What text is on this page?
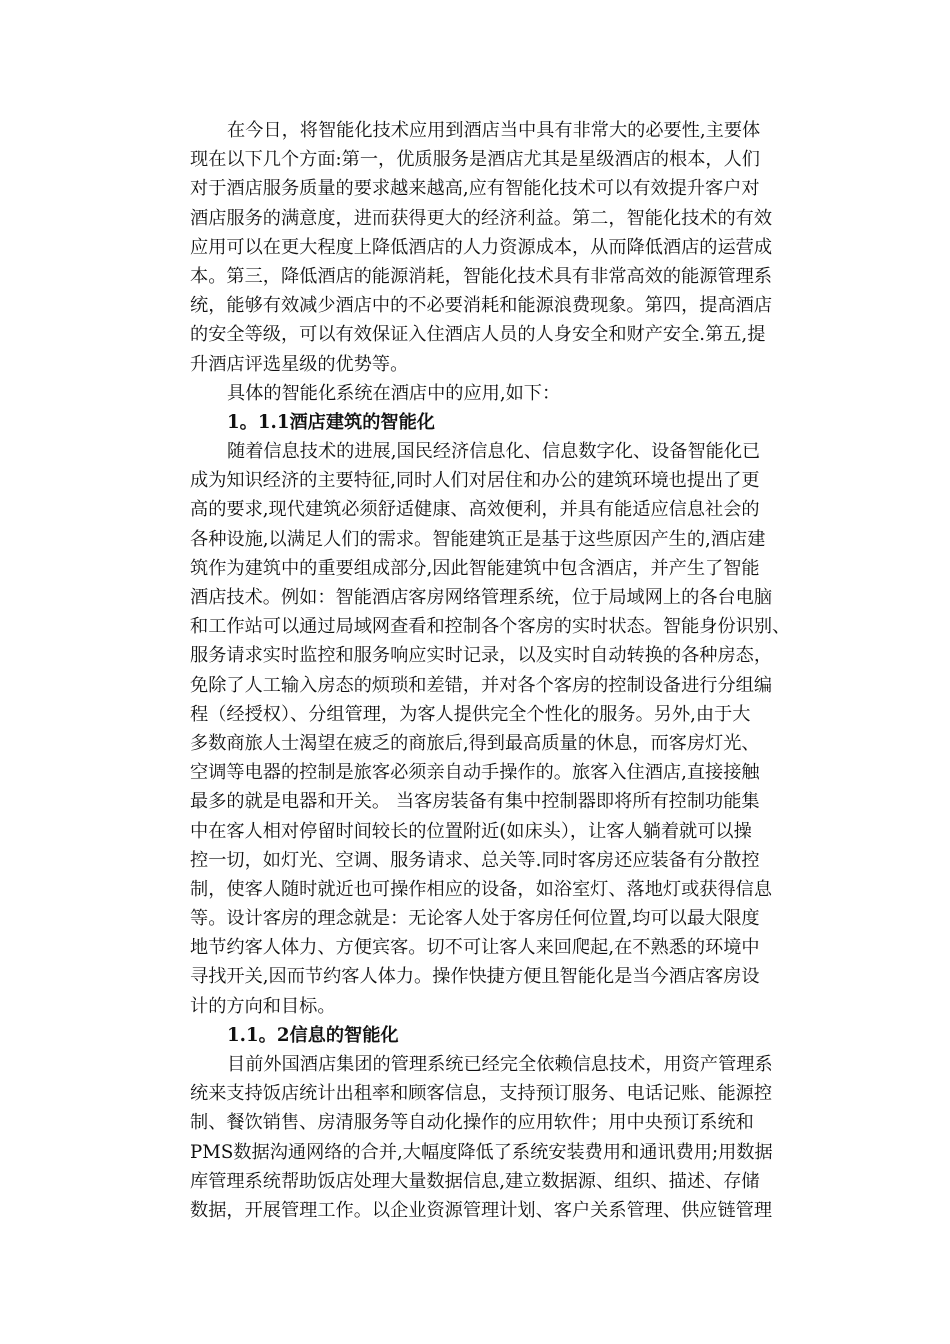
在今日，将智能化技术应用到酒店当中具有非常大的必要性,主要体
现在以下几个方面:第一，优质服务是酒店尤其是星级酒店的根本，人们
对于酒店服务质量的要求越来越高,应有智能化技术可以有效提升客户对
酒店服务的满意度，进而获得更大的经济利益。第二，智能化技术的有效
应用可以在更大程度上降低酒店的人力资源成本，从而降低酒店的运营成
本。第三，降低酒店的能源消耗，智能化技术具有非常高效的能源管理系
统，能够有效减少酒店中的不必要消耗和能源浪费现象。第四，提高酒店
的安全等级，可以有效保证入住酒店人员的人身安全和财产安全.第五,提
升酒店评选星级的优势等。
具体的智能化系统在酒店中的应用,如下：
1。1.1酒店建筑的智能化
随着信息技术的进展,国民经济信息化、信息数字化、设备智能化已
成为知识经济的主要特征,同时人们对居住和办公的建筑环境也提出了更
高的要求,现代建筑必须舒适健康、高效便利，并具有能适应信息社会的
各种设施,以满足人们的需求。智能建筑正是基于这些原因产生的,酒店建
筑作为建筑中的重要组成部分,因此智能建筑中包含酒店，并产生了智能
酒店技术。例如：智能酒店客房网络管理系统，位于局域网上的各台电脑
和工作站可以通过局域网查看和控制各个客房的实时状态。智能身份识别、
服务请求实时监控和服务响应实时记录，以及实时自动转换的各种房态，
免除了人工输入房态的烦琐和差错，并对各个客房的控制设备进行分组编
程（经授权）、分组管理，为客人提供完全个性化的服务。另外,由于大
多数商旅人士渴望在疲乏的商旅后,得到最高质量的休息，而客房灯光、
空调等电器的控制是旅客必须亲自动手操作的。旅客入住酒店,直接接触
最多的就是电器和开关。 当客房装备有集中控制器即将所有控制功能集
中在客人相对停留时间较长的位置附近(如床头），让客人躺着就可以操
控一切，如灯光、空调、服务请求、总关等.同时客房还应装备有分散控
制，使客人随时就近也可操作相应的设备，如浴室灯、落地灯或获得信息
等。设计客房的理念就是：无论客人处于客房任何位置,均可以最大限度
地节约客人体力、方便宾客。切不可让客人来回爬起,在不熟悉的环境中
寻找开关,因而节约客人体力。操作快捷方便且智能化是当今酒店客房设
计的方向和目标。
1.1。2信息的智能化
目前外国酒店集团的管理系统已经完全依赖信息技术，用资产管理系
统来支持饭店统计出租率和顾客信息，支持预订服务、电话记账、能源控
制、餐饮销售、房清服务等自动化操作的应用软件；用中央预订系统和
PMS数据沟通网络的合并,大幅度降低了系统安装费用和通讯费用;用数据
库管理系统帮助饭店处理大量数据信息,建立数据源、组织、描述、存储
数据，开展管理工作。以企业资源管理计划、客户关系管理、供应链管理
